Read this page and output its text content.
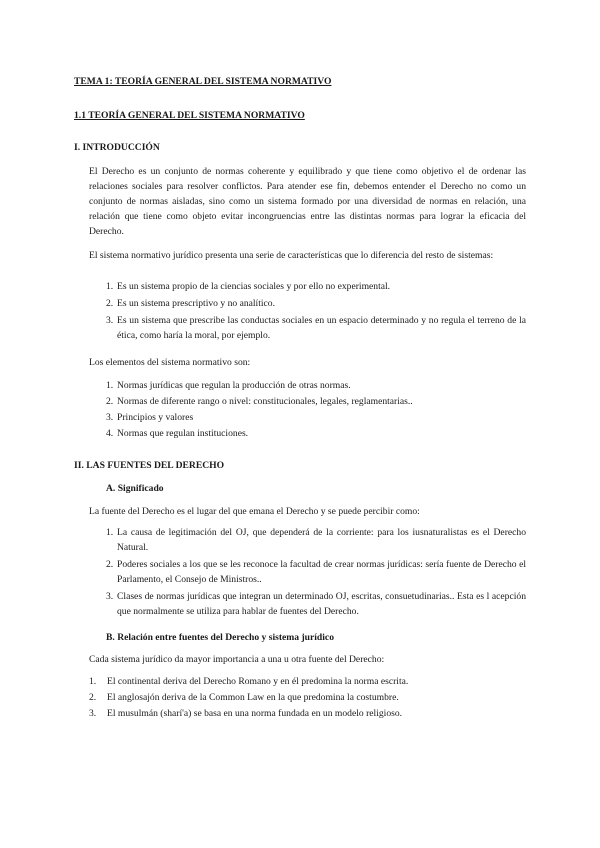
TEMA 1: TEORÍA GENERAL DEL SISTEMA NORMATIVO
1.1 TEORÍA GENERAL DEL SISTEMA NORMATIVO
I. INTRODUCCIÓN
El Derecho es un conjunto de normas coherente y equilibrado y que tiene como objetivo el de ordenar las relaciones sociales para resolver conflictos. Para atender ese fin, debemos entender el Derecho no como un conjunto de normas aisladas, sino como un sistema formado por una diversidad de normas en relación, una relación que tiene como objeto evitar incongruencias entre las distintas normas para lograr la eficacia del Derecho.
El sistema normativo jurídico presenta una serie de características que lo diferencia del resto de sistemas:
1. Es un sistema propio de la ciencias sociales y por ello no experimental.
2. Es un sistema prescriptivo y no analítico.
3. Es un sistema que prescribe las conductas sociales en un espacio determinado y no regula el terreno de la ética, como haría la moral, por ejemplo.
Los elementos del sistema normativo son:
1. Normas jurídicas que regulan la producción de otras normas.
2. Normas de diferente rango o nivel: constitucionales, legales, reglamentarias..
3. Principios y valores
4. Normas que regulan instituciones.
II. LAS FUENTES DEL DERECHO
A. Significado
La fuente del Derecho es el lugar del que emana el Derecho y se puede percibir como:
1. La causa de legitimación del OJ, que dependerá de la corriente: para los iusnaturalistas es el Derecho Natural.
2. Poderes sociales a los que se les reconoce la facultad de crear normas jurídicas: sería fuente de Derecho el Parlamento, el Consejo de Ministros..
3. Clases de normas jurídicas que integran un determinado OJ, escritas, consuetudinarias.. Esta es l acepción que normalmente se utiliza para hablar de fuentes del Derecho.
B. Relación entre fuentes del Derecho y sistema jurídico
Cada sistema jurídico da mayor importancia a una u otra fuente del Derecho:
1. El continental deriva del Derecho Romano y en él predomina la norma escrita.
2. El anglosajón deriva de la Common Law en la que predomina la costumbre.
3. El musulmán (sharí'a) se basa en una norma fundada en un modelo religioso.
